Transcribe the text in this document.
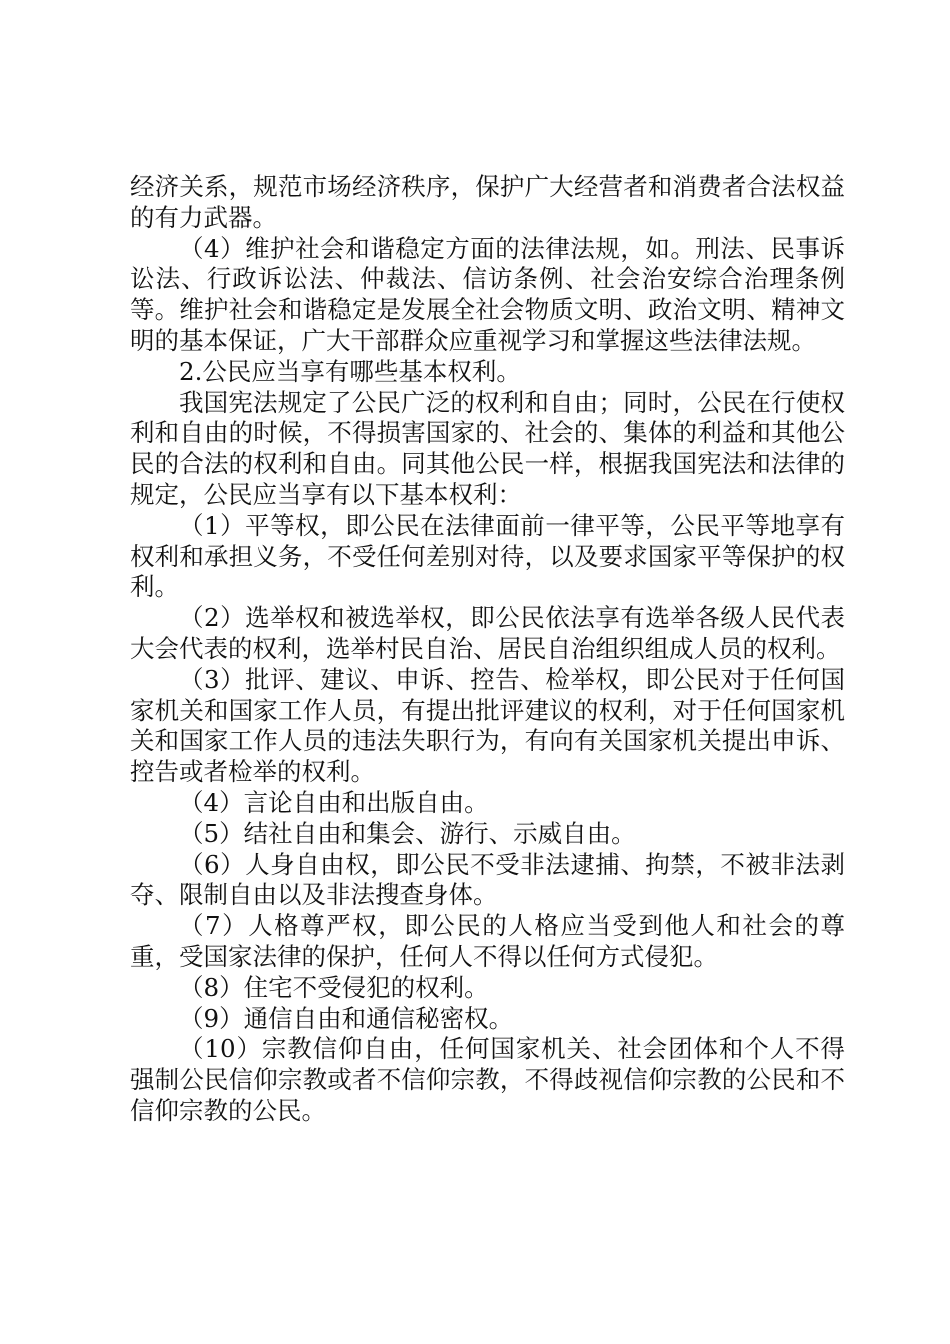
经济关系，规范市场经济秩序，保护广大经营者和消费者合法权益的有力武器。

（4）维护社会和谐稳定方面的法律法规，如。刑法、民事诉讼法、行政诉讼法、仲裁法、信访条例、社会治安综合治理条例等。维护社会和谐稳定是发展全社会物质文明、政治文明、精神文明的基本保证，广大干部群众应重视学习和掌握这些法律法规。

2.公民应当享有哪些基本权利。

我国宪法规定了公民广泛的权利和自由；同时，公民在行使权利和自由的时候，不得损害国家的、社会的、集体的利益和其他公民的合法的权利和自由。同其他公民一样，根据我国宪法和法律的规定，公民应当享有以下基本权利：

（1）平等权，即公民在法律面前一律平等，公民平等地享有权利和承担义务，不受任何差别对待，以及要求国家平等保护的权利。

（2）选举权和被选举权，即公民依法享有选举各级人民代表大会代表的权利，选举村民自治、居民自治组织组成人员的权利。

（3）批评、建议、申诉、控告、检举权，即公民对于任何国家机关和国家工作人员，有提出批评建议的权利，对于任何国家机关和国家工作人员的违法失职行为，有向有关国家机关提出申诉、控告或者检举的权利。

（4）言论自由和出版自由。

（5）结社自由和集会、游行、示威自由。

（6）人身自由权，即公民不受非法逮捕、拘禁，不被非法剥夺、限制自由以及非法搜查身体。

（7）人格尊严权，即公民的人格应当受到他人和社会的尊重，受国家法律的保护，任何人不得以任何方式侵犯。

（8）住宅不受侵犯的权利。

（9）通信自由和通信秘密权。

（10）宗教信仰自由，任何国家机关、社会团体和个人不得强制公民信仰宗教或者不信仰宗教，不得歧视信仰宗教的公民和不信仰宗教的公民。
